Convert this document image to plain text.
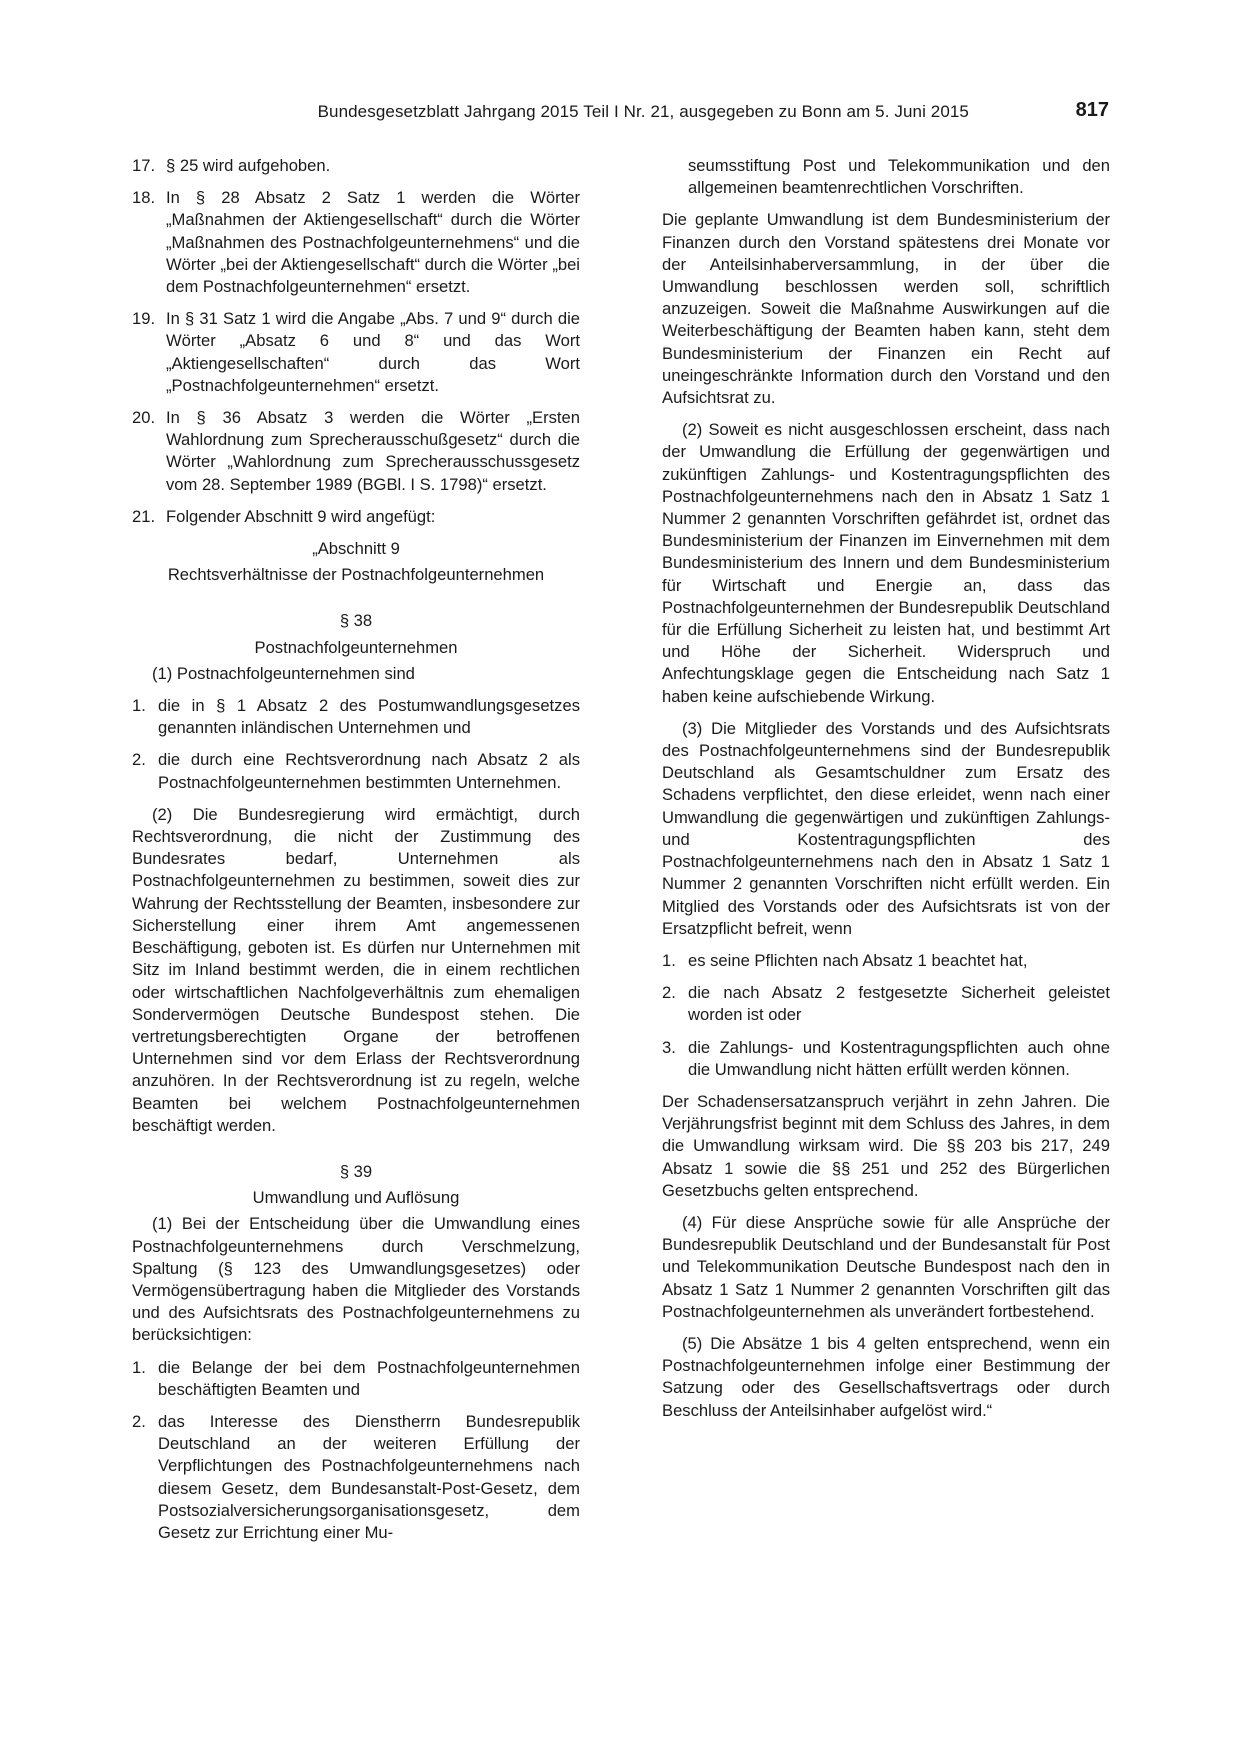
Bundesgesetzblatt Jahrgang 2015 Teil I Nr. 21, ausgegeben zu Bonn am 5. Juni 2015	817
17. § 25 wird aufgehoben.
18. In § 28 Absatz 2 Satz 1 werden die Wörter „Maßnahmen der Aktiengesellschaft“ durch die Wörter „Maßnahmen des Postnachfolgeunternehmens“ und die Wörter „bei der Aktiengesellschaft“ durch die Wörter „bei dem Postnachfolgeunternehmen“ ersetzt.
19. In § 31 Satz 1 wird die Angabe „Abs. 7 und 9“ durch die Wörter „Absatz 6 und 8“ und das Wort „Aktiengesellschaften“ durch das Wort „Postnachfolgeunternehmen“ ersetzt.
20. In § 36 Absatz 3 werden die Wörter „Ersten Wahlordnung zum Sprecherausschußgesetz“ durch die Wörter „Wahlordnung zum Sprecherausschussgesetz vom 28. September 1989 (BGBl. I S. 1798)“ ersetzt.
21. Folgender Abschnitt 9 wird angefügt:
„Abschnitt 9
Rechtsverhältnisse der Postnachfolgeunternehmen
§ 38
Postnachfolgeunternehmen

(1) Postnachfolgeunternehmen sind

1. die in § 1 Absatz 2 des Postumwandlungsgesetzes genannten inländischen Unternehmen und
2. die durch eine Rechtsverordnung nach Absatz 2 als Postnachfolgeunternehmen bestimmten Unternehmen.

(2) Die Bundesregierung wird ermächtigt, durch Rechtsverordnung, die nicht der Zustimmung des Bundesrates bedarf, Unternehmen als Postnachfolgeunternehmen zu bestimmen, soweit dies zur Wahrung der Rechtsstellung der Beamten, insbesondere zur Sicherstellung einer ihrem Amt angemessenen Beschäftigung, geboten ist. Es dürfen nur Unternehmen mit Sitz im Inland bestimmt werden, die in einem rechtlichen oder wirtschaftlichen Nachfolgeverhältnis zum ehemaligen Sondervermögen Deutsche Bundespost stehen. Die vertretungsberechtigten Organe der betroffenen Unternehmen sind vor dem Erlass der Rechtsverordnung anzuhören. In der Rechtsverordnung ist zu regeln, welche Beamten bei welchem Postnachfolgeunternehmen beschäftigt werden.

§ 39
Umwandlung und Auflösung

(1) Bei der Entscheidung über die Umwandlung eines Postnachfolgeunternehmens durch Verschmelzung, Spaltung (§ 123 des Umwandlungsgesetzes) oder Vermögensübertragung haben die Mitglieder des Vorstands und des Aufsichtsrats des Postnachfolgeunternehmens zu berücksichtigen:

1. die Belange der bei dem Postnachfolgeunternehmen beschäftigten Beamten und
2. das Interesse des Dienstherrn Bundesrepublik Deutschland an der weiteren Erfüllung der Verpflichtungen des Postnachfolgeunternehmens nach diesem Gesetz, dem Bundesanstalt-Post-Gesetz, dem Postsozialversicherungsorganisationsgesetz, dem Gesetz zur Errichtung einer Mu-
seumsstiftung Post und Telekommunikation und den allgemeinen beamtenrechtlichen Vorschriften.

Die geplante Umwandlung ist dem Bundesministerium der Finanzen durch den Vorstand spätestens drei Monate vor der Anteilsinhaberversammlung, in der über die Umwandlung beschlossen werden soll, schriftlich anzuzeigen. Soweit die Maßnahme Auswirkungen auf die Weiterbeschäftigung der Beamten haben kann, steht dem Bundesministerium der Finanzen ein Recht auf uneingeschränkte Information durch den Vorstand und den Aufsichtsrat zu.

(2) Soweit es nicht ausgeschlossen erscheint, dass nach der Umwandlung die Erfüllung der gegenwärtigen und zukünftigen Zahlungs- und Kostentragungspflichten des Postnachfolgeunternehmens nach den in Absatz 1 Satz 1 Nummer 2 genannten Vorschriften gefährdet ist, ordnet das Bundesministerium der Finanzen im Einvernehmen mit dem Bundesministerium des Innern und dem Bundesministerium für Wirtschaft und Energie an, dass das Postnachfolgeunternehmen der Bundesrepublik Deutschland für die Erfüllung Sicherheit zu leisten hat, und bestimmt Art und Höhe der Sicherheit. Widerspruch und Anfechtungsklage gegen die Entscheidung nach Satz 1 haben keine aufschiebende Wirkung.

(3) Die Mitglieder des Vorstands und des Aufsichtsrats des Postnachfolgeunternehmens sind der Bundesrepublik Deutschland als Gesamtschuldner zum Ersatz des Schadens verpflichtet, den diese erleidet, wenn nach einer Umwandlung die gegenwärtigen und zukünftigen Zahlungs- und Kostentragungspflichten des Postnachfolgeunternehmens nach den in Absatz 1 Satz 1 Nummer 2 genannten Vorschriften nicht erfüllt werden. Ein Mitglied des Vorstands oder des Aufsichtsrats ist von der Ersatzpflicht befreit, wenn

1. es seine Pflichten nach Absatz 1 beachtet hat,
2. die nach Absatz 2 festgesetzte Sicherheit geleistet worden ist oder
3. die Zahlungs- und Kostentragungspflichten auch ohne die Umwandlung nicht hätten erfüllt werden können.

Der Schadensersatzanspruch verjährt in zehn Jahren. Die Verjährungsfrist beginnt mit dem Schluss des Jahres, in dem die Umwandlung wirksam wird. Die §§ 203 bis 217, 249 Absatz 1 sowie die §§ 251 und 252 des Bürgerlichen Gesetzbuchs gelten entsprechend.

(4) Für diese Ansprüche sowie für alle Ansprüche der Bundesrepublik Deutschland und der Bundesanstalt für Post und Telekommunikation Deutsche Bundespost nach den in Absatz 1 Satz 1 Nummer 2 genannten Vorschriften gilt das Postnachfolgeunternehmen als unverändert fortbestehend.

(5) Die Absätze 1 bis 4 gelten entsprechend, wenn ein Postnachfolgeunternehmen infolge einer Bestimmung der Satzung oder des Gesellschaftsvertrags oder durch Beschluss der Anteilsinhaber aufgelöst wird.“
